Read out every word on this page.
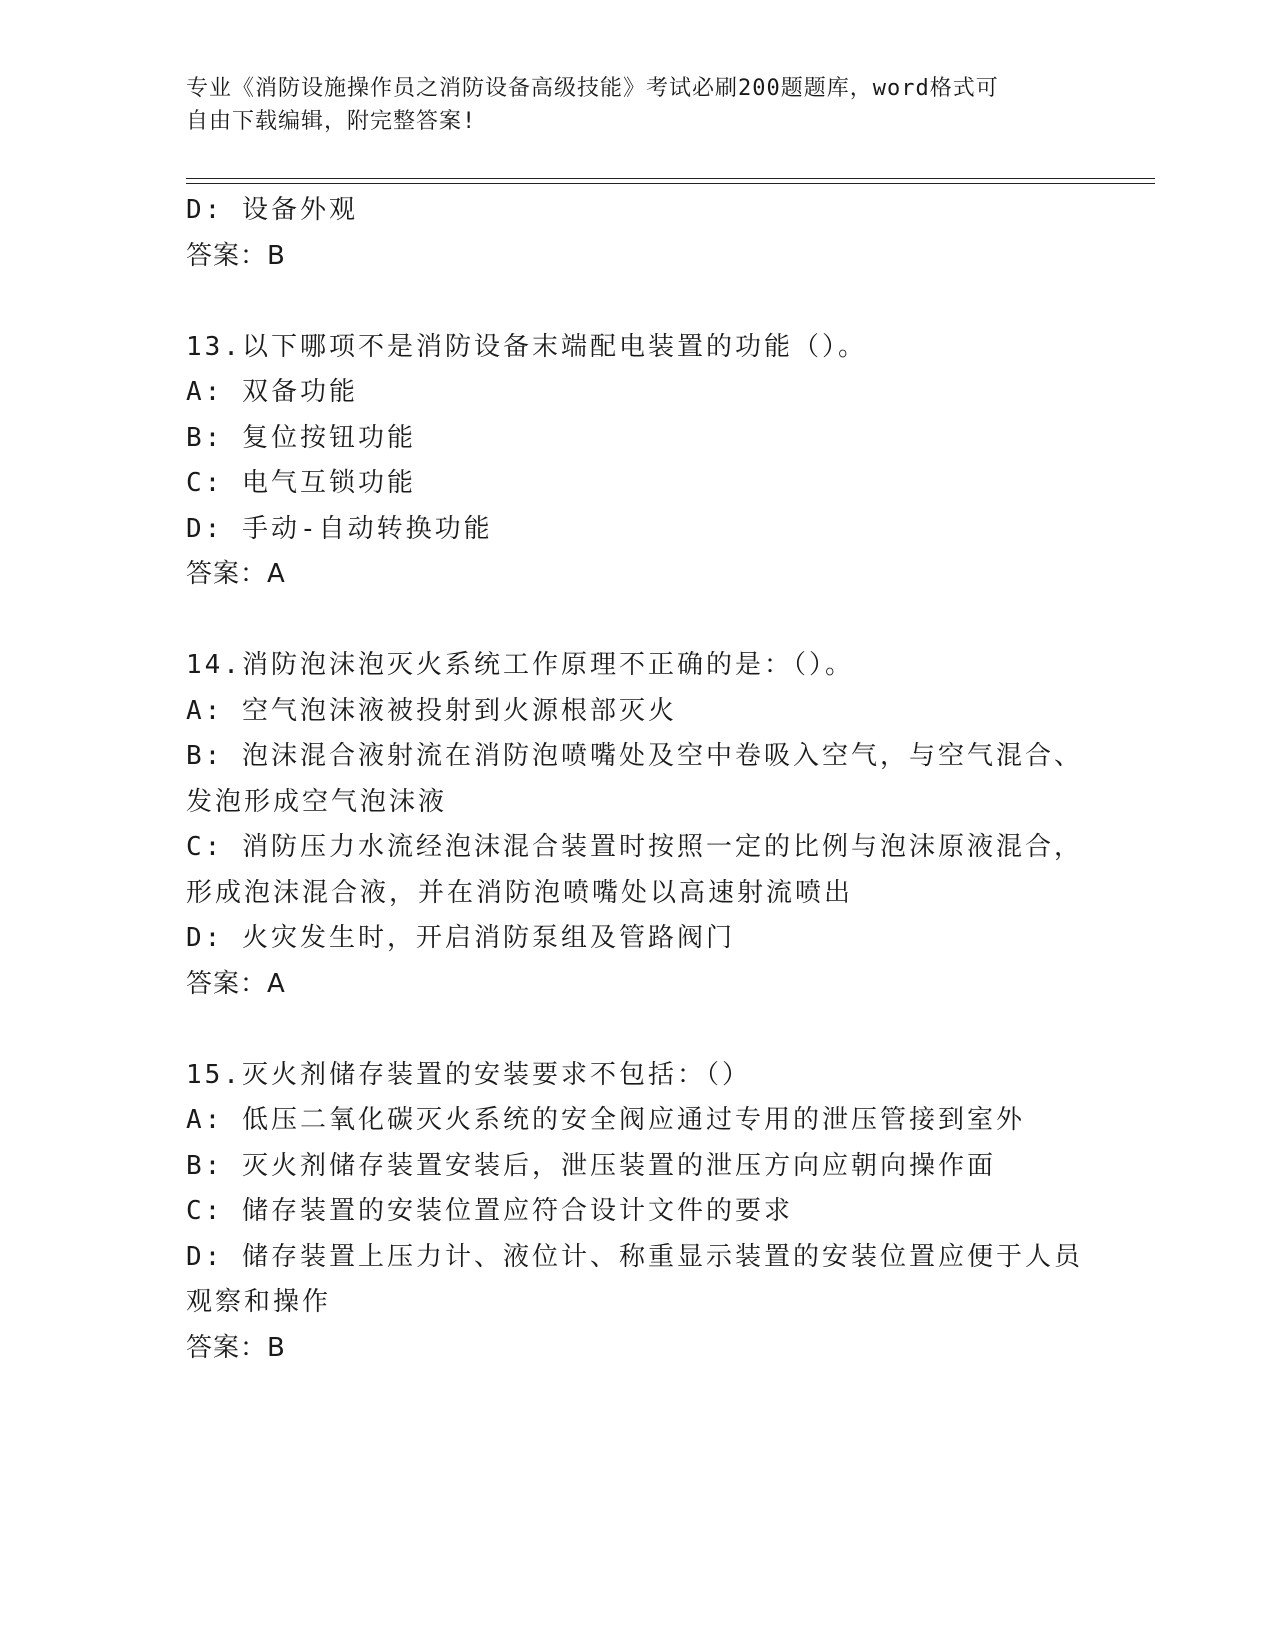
专业《消防设施操作员之消防设备高级技能》考试必刷200题题库，word格式可
自由下载编辑，附完整答案!
D: 设备外观
答案：B
13.以下哪项不是消防设备末端配电装置的功能（）。
A: 双备功能
B: 复位按钮功能
C: 电气互锁功能
D: 手动-自动转换功能
答案：A
14.消防泡沫泡灭火系统工作原理不正确的是：（）。
A: 空气泡沫液被投射到火源根部灭火
B: 泡沫混合液射流在消防泡喷嘴处及空中卷吸入空气，与空气混合、
发泡形成空气泡沫液
C: 消防压力水流经泡沫混合装置时按照一定的比例与泡沫原液混合，
形成泡沫混合液，并在消防泡喷嘴处以高速射流喷出
D: 火灾发生时，开启消防泵组及管路阀门
答案：A
15.灭火剂储存装置的安装要求不包括：（）
A: 低压二氧化碳灭火系统的安全阀应通过专用的泄压管接到室外
B: 灭火剂储存装置安装后，泄压装置的泄压方向应朝向操作面
C: 储存装置的安装位置应符合设计文件的要求
D: 储存装置上压力计、液位计、称重显示装置的安装位置应便于人员
观察和操作
答案：B
